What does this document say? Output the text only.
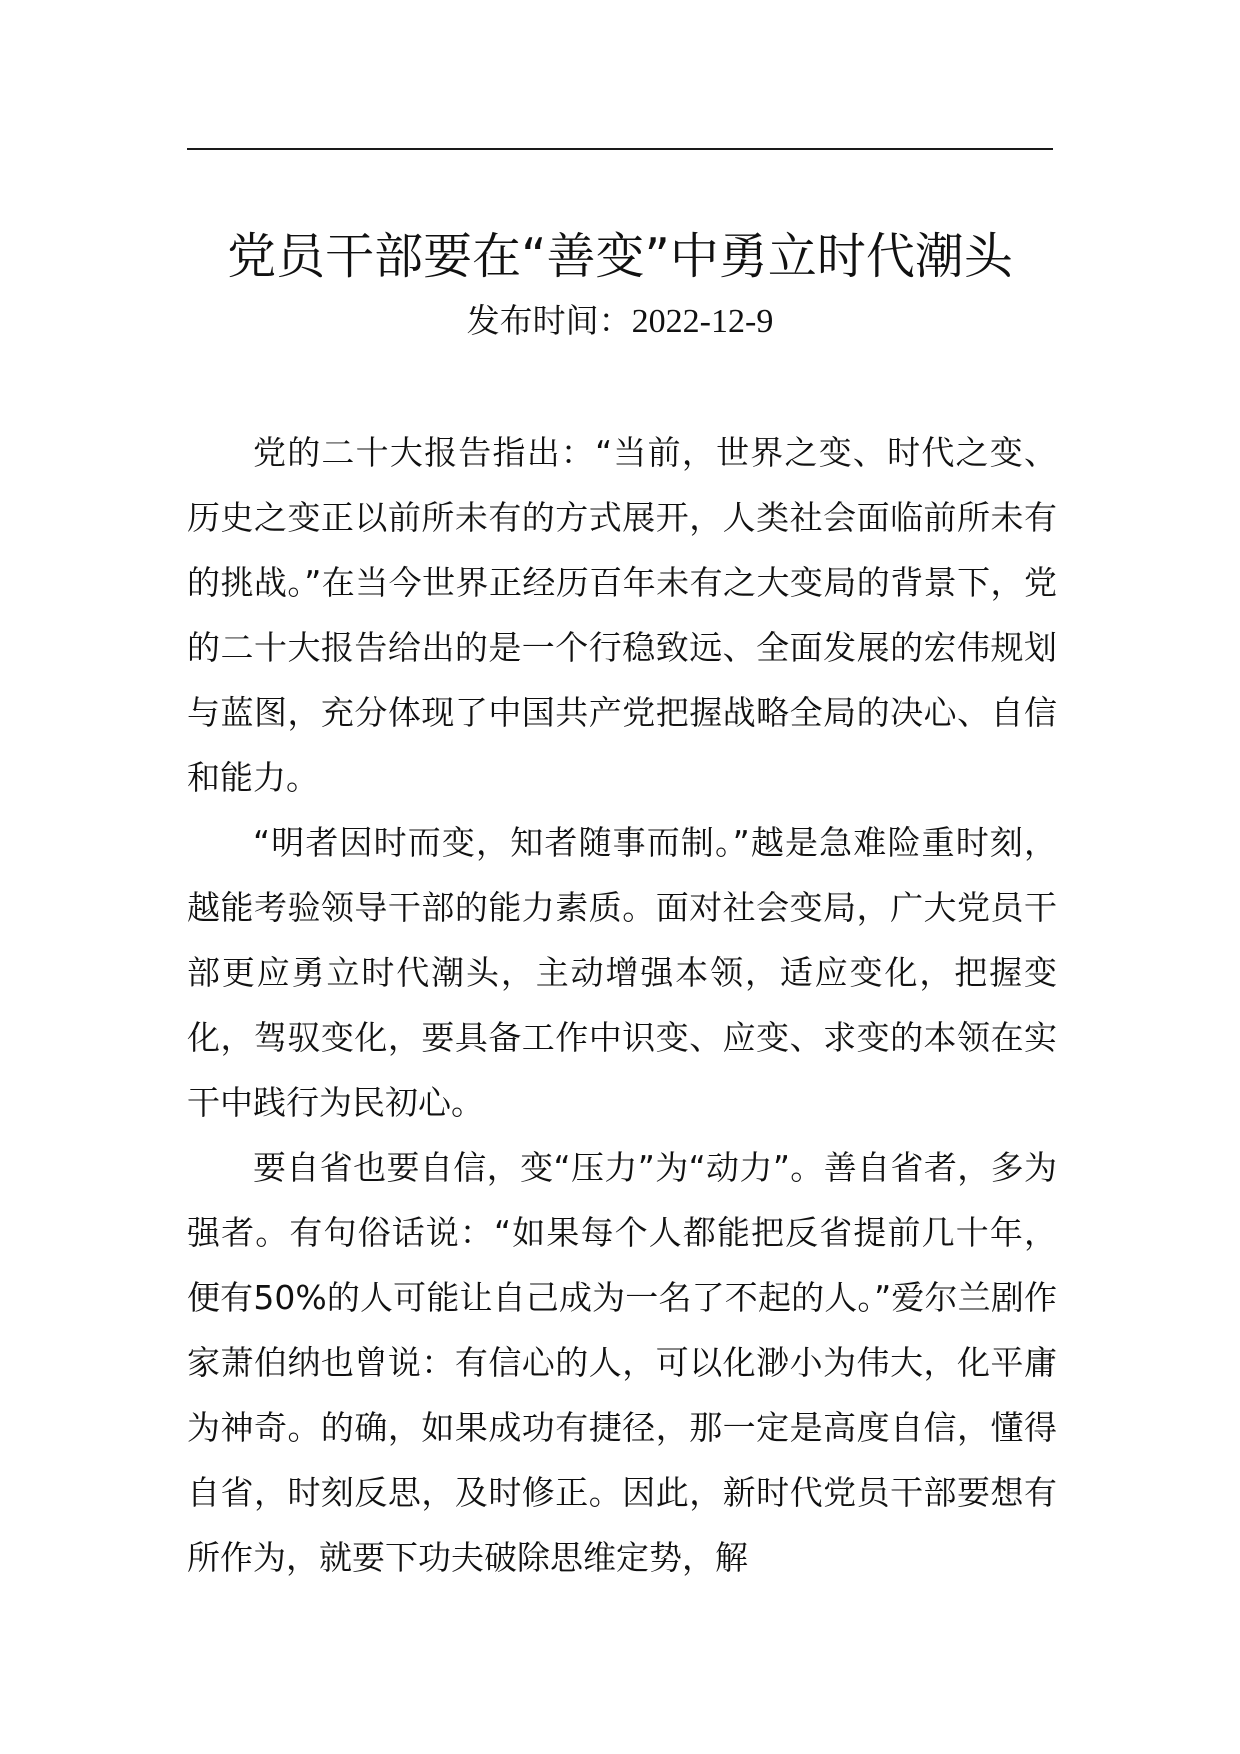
党员干部要在“善变”中勇立时代潮头
发布时间：2022-12-9

党的二十大报告指出：“当前，世界之变、时代之变、历史之变正以前所未有的方式展开，人类社会面临前所未有的挑战。”在当今世界正经历百年未有之大变局的背景下，党的二十大报告给出的是一个行稳致远、全面发展的宏伟规划与蓝图，充分体现了中国共产党把握战略全局的决心、自信和能力。

“明者因时而变，知者随事而制。”越是急难险重时刻，越能考验领导干部的能力素质。面对社会变局，广大党员干部更应勇立时代潮头，主动增强本领，适应变化，把握变化，驾驭变化，要具备工作中识变、应变、求变的本领在实干中践行为民初心。

要自省也要自信，变“压力”为“动力”。善自省者，多为强者。有句俗话说：“如果每个人都能把反省提前几十年，便有50%的人可能让自己成为一名了不起的人。”爱尔兰剧作家萧伯纳也曾说：有信心的人，可以化渺小为伟大，化平庸为神奇。的确，如果成功有捷径，那一定是高度自信，懂得自省，时刻反思，及时修正。因此，新时代党员干部要想有所作为，就要下功夫破除思维定势，解
